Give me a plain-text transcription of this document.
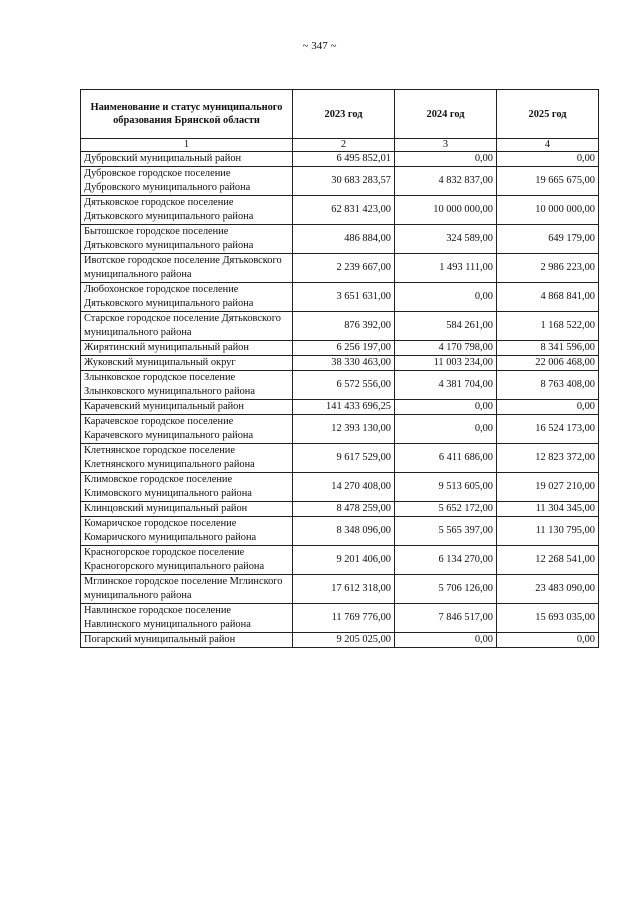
~ 347 ~
Наименование и статус муниципального образования Брянской области	2023 год	2024 год	2025 год
1	2	3	4
Дубровский муниципальный район	6 495 852,01	0,00	0,00
Дубровское городское поселение Дубровского муниципального района	30 683 283,57	4 832 837,00	19 665 675,00
Дятьковское городское поселение Дятьковского муниципального района	62 831 423,00	10 000 000,00	10 000 000,00
Бытошское городское поселение Дятьковского муниципального района	486 884,00	324 589,00	649 179,00
Ивотское городское поселение Дятьковского муниципального района	2 239 667,00	1 493 111,00	2 986 223,00
Любохонское городское поселение Дятьковского муниципального района	3 651 631,00	0,00	4 868 841,00
Старское городское поселение Дятьковского муниципального района	876 392,00	584 261,00	1 168 522,00
Жирятинский муниципальный район	6 256 197,00	4 170 798,00	8 341 596,00
Жуковский муниципальный округ	38 330 463,00	11 003 234,00	22 006 468,00
Злынковское городское поселение Злынковского муниципального района	6 572 556,00	4 381 704,00	8 763 408,00
Карачевский муниципальный район	141 433 696,25	0,00	0,00
Карачевское городское поселение Карачевского муниципального района	12 393 130,00	0,00	16 524 173,00
Клетнянское городское поселение Клетнянского муниципального района	9 617 529,00	6 411 686,00	12 823 372,00
Климовское городское поселение Климовского муниципального района	14 270 408,00	9 513 605,00	19 027 210,00
Клинцовский муниципальный район	8 478 259,00	5 652 172,00	11 304 345,00
Комаричское городское поселение Комаричского муниципального района	8 348 096,00	5 565 397,00	11 130 795,00
Красногорское городское поселение Красногорского муниципального района	9 201 406,00	6 134 270,00	12 268 541,00
Мглинское городское поселение Мглинского муниципального района	17 612 318,00	5 706 126,00	23 483 090,00
Навлинское городское поселение Навлинского муниципального района	11 769 776,00	7 846 517,00	15 693 035,00
Погарский муниципальный район	9 205 025,00	0,00	0,00
